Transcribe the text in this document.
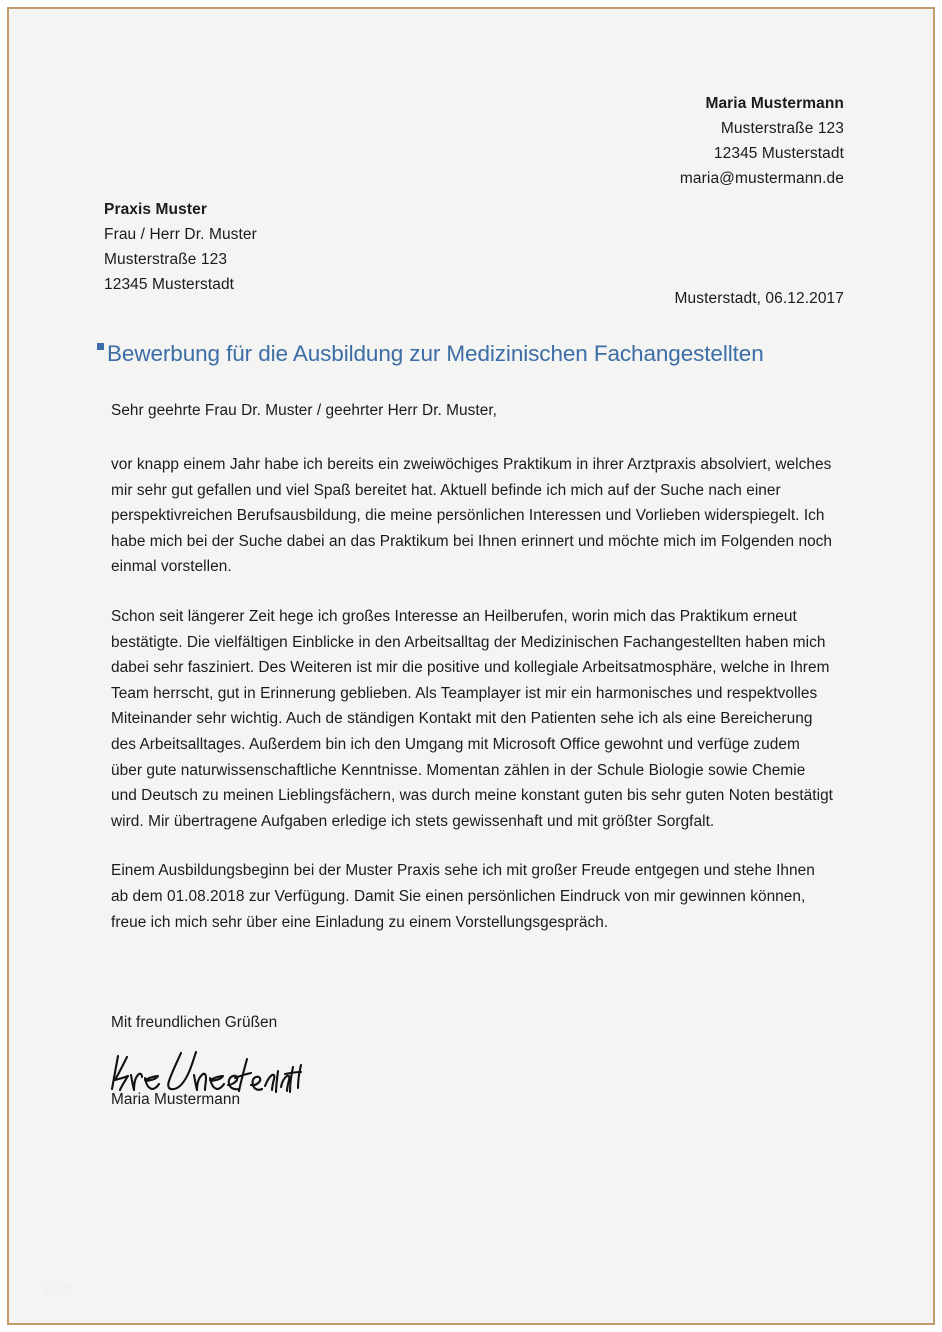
Maria Mustermann
Musterstraße 123
12345 Musterstadt
maria@mustermann.de
Praxis Muster
Frau / Herr Dr. Muster
Musterstraße 123
12345 Musterstadt
Musterstadt, 06.12.2017
Bewerbung für die Ausbildung zur Medizinischen Fachangestellten
Sehr geehrte Frau Dr. Muster / geehrter Herr Dr. Muster,

vor knapp einem Jahr habe ich bereits ein zweiwöchiges Praktikum in ihrer Arztpraxis absolviert, welches mir sehr gut gefallen und viel Spaß bereitet hat. Aktuell befinde ich mich auf der Suche nach einer perspektivreichen Berufsausbildung, die meine persönlichen Interessen und Vorlieben widerspiegelt. Ich habe mich bei der Suche dabei an das Praktikum bei Ihnen erinnert und möchte mich im Folgenden noch einmal vorstellen.

Schon seit längerer Zeit hege ich großes Interesse an Heilberufen, worin mich das Praktikum erneut bestätigte. Die vielfältigen Einblicke in den Arbeitsalltag der Medizinischen Fachangestellten haben mich dabei sehr fasziniert. Des Weiteren ist mir die positive und kollegiale Arbeitsatmosphäre, welche in Ihrem Team herrscht, gut in Erinnerung geblieben. Als Teamplayer ist mir ein harmonisches und respektvolles Miteinander sehr wichtig. Auch de ständigen Kontakt mit den Patienten sehe ich als eine Bereicherung des Arbeitsalltages. Außerdem bin ich den Umgang mit Microsoft Office gewohnt und verfüge zudem über gute naturwissenschaftliche Kenntnisse. Momentan zählen in der Schule Biologie sowie Chemie und Deutsch zu meinen Lieblingsfächern, was durch meine konstant guten bis sehr guten Noten bestätigt wird. Mir übertragene Aufgaben erledige ich stets gewissenhaft und mit größter Sorgfalt.

Einem Ausbildungsbeginn bei der Muster Praxis sehe ich mit großer Freude entgegen und stehe Ihnen ab dem 01.08.2018 zur Verfügung. Damit Sie einen persönlichen Eindruck von mir gewinnen können, freue ich mich sehr über eine Einladung zu einem Vorstellungsgespräch.

Mit freundlichen Grüßen
Maria Mustermann
blog
